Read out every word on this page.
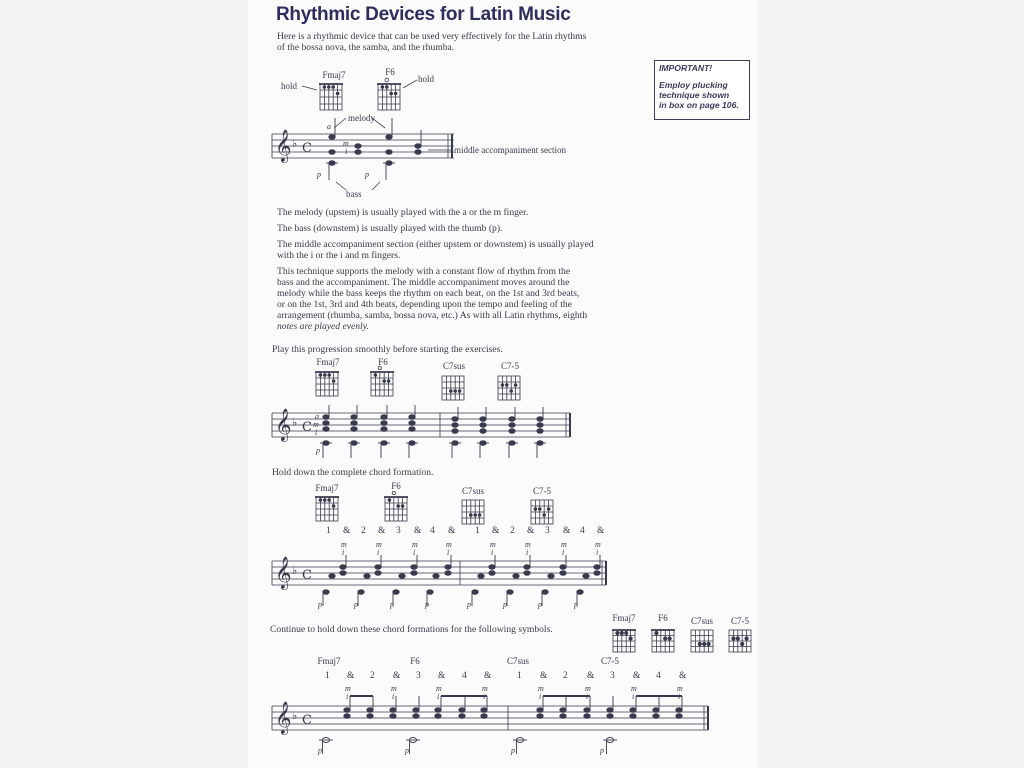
Rhythmic Devices for Latin Music
Here is a rhythmic device that can be used very effectively for the Latin rhythms
of the bossa nova, the samba, and the rhumba.
IMPORTANT!
Employ plucking
technique shown
in box on page 106.
Fmaj7	F6
hold
hold
melody
middle accompaniment section
bass
a
m
i
p	p
𝄞 ♭ C
The melody (upstem) is usually played with the a or the m finger.
The bass (downstem) is usually played with the thumb (p).
The middle accompaniment section (either upstem or downstem) is usually played
with the i or the i and m fingers.
This technique supports the melody with a constant flow of rhythm from the
bass and the accompaniment. The middle accompaniment moves around the
melody while the bass keeps the rhythm on each beat, on the 1st and 3rd beats,
or on the 1st, 3rd and 4th beats, depending upon the tempo and feeling of the
arrangement (rhumba, samba, bossa nova, etc.) As with all Latin rhythms, eighth
notes are played evenly.
Play this progression smoothly before starting the exercises.
Fmaj7	F6	C7sus	C7-5
a
m
i
p
𝄞 ♭ C
Hold down the complete chord formation.
Fmaj7	F6	C7sus	C7-5
1 & 2 & 3 & 4 & 1 & 2 & 3 & 4 &
m	m	m	m	m	m	m	m
i	i	i	i	i	i	i	i
p	p	p	p	p	p	p	p
𝄞 ♭ C
Continue to hold down these chord formations for the following symbols.
Fmaj7	F6	C7sus	C7-5
Fmaj7	F6	C7sus	C7-5
1 & 2 & 3 & 4 &	1 & 2 & 3 & 4 &
m	m	m	m	m	m	m	m
i	i	i	i	i	i	i	i
p	p	p	p
𝄞 ♭ C
